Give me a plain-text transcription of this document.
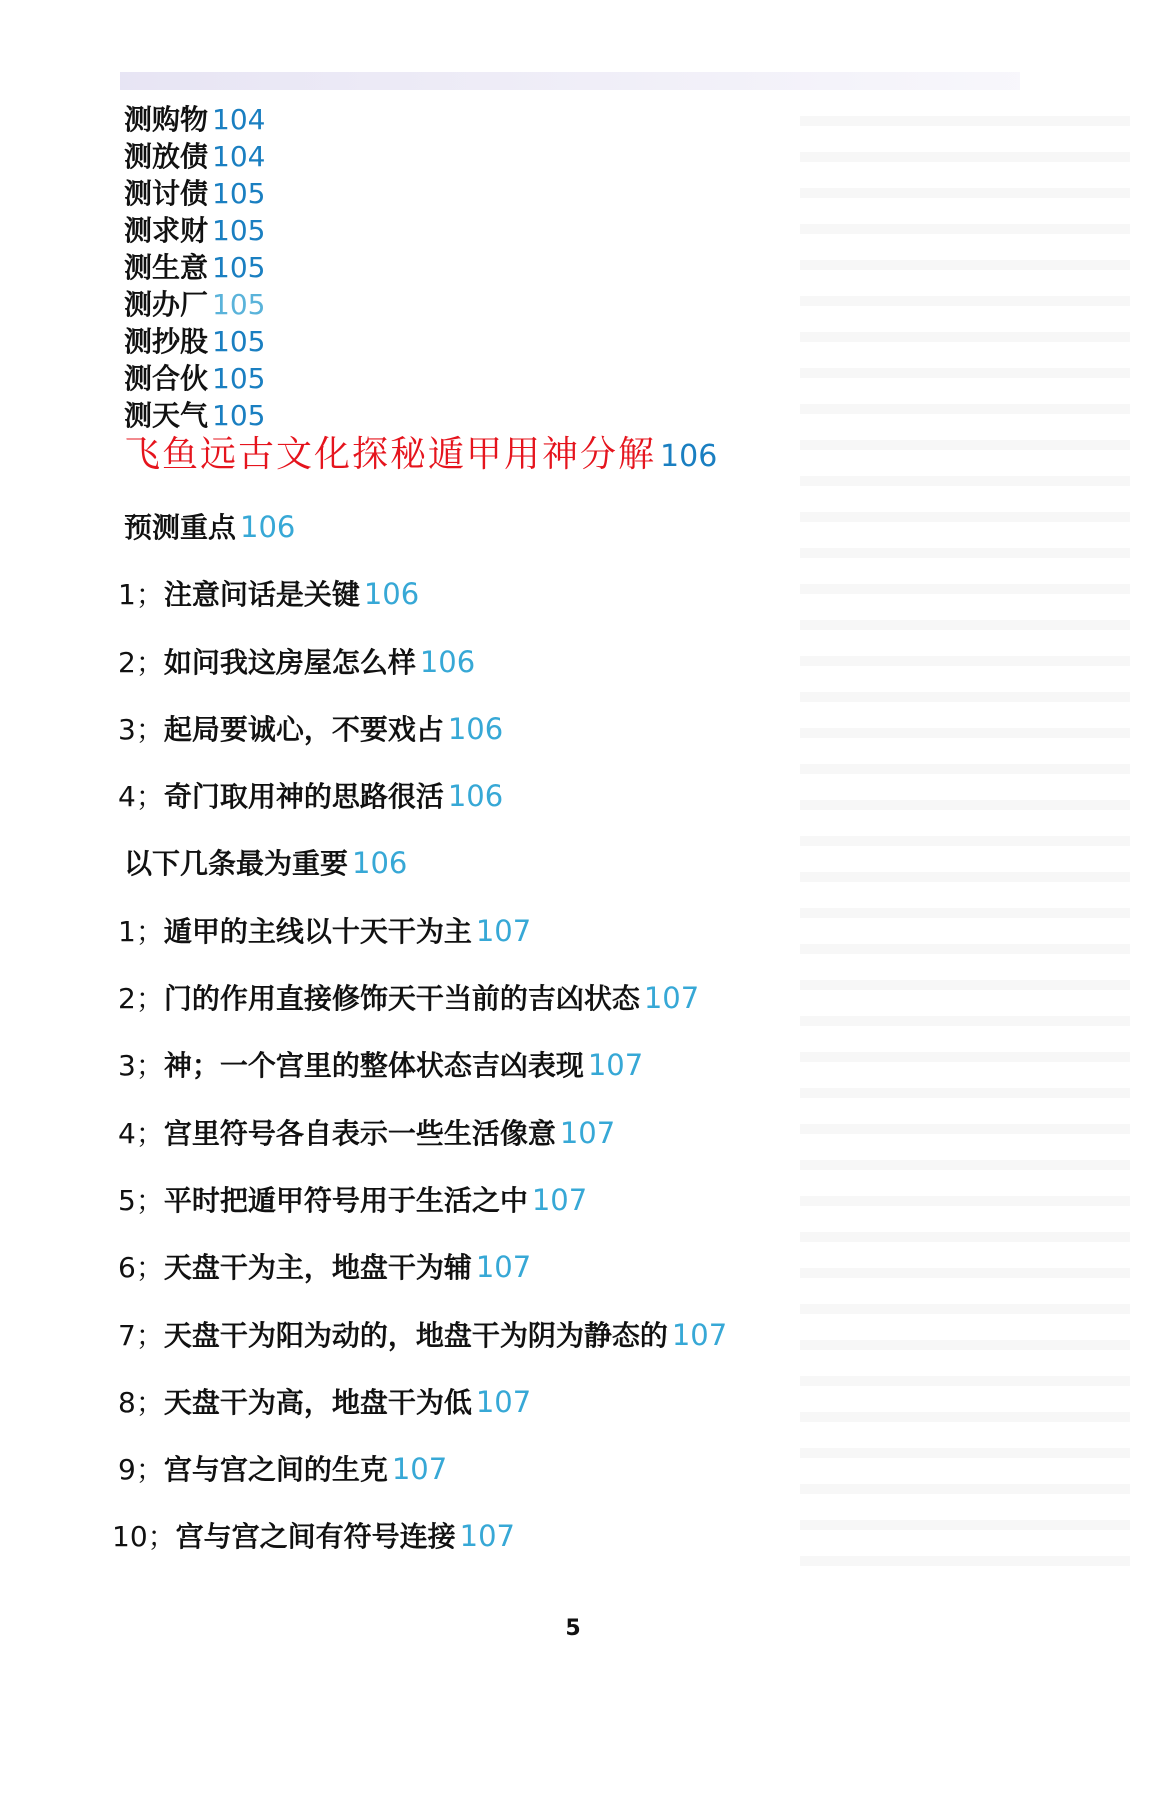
测购物 104
测放债 104
测讨债 105
测求财 105
测生意 105
测办厂 105
测抄股 105
测合伙 105
测天气 105
飞鱼远古文化探秘遁甲用神分解 106
预测重点 106
1；注意问话是关键 106
2；如问我这房屋怎么样 106
3；起局要诚心，不要戏占 106
4；奇门取用神的思路很活 106
以下几条最为重要 106
1；遁甲的主线以十天干为主 107
2；门的作用直接修饰天干当前的吉凶状态 107
3；神；一个宫里的整体状态吉凶表现 107
4；宫里符号各自表示一些生活像意 107
5；平时把遁甲符号用于生活之中 107
6；天盘干为主，地盘干为辅 107
7；天盘干为阳为动的，地盘干为阴为静态的 107
8；天盘干为高，地盘干为低 107
9；宫与宫之间的生克 107
10；宫与宫之间有符号连接 107
5
